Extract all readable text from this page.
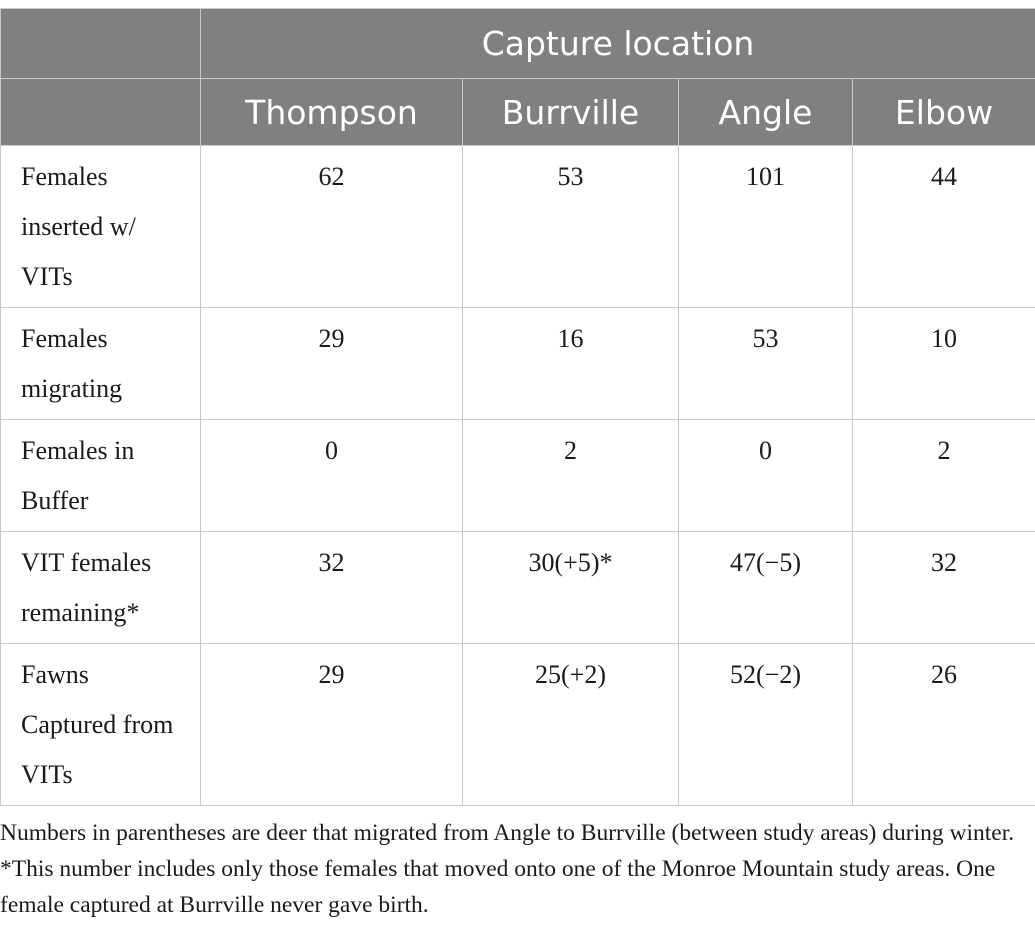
	Capture location			
	Thompson	Burrville	Angle	Elbow
Females inserted w/ VITs	62	53	101	44
Females migrating	29	16	53	10
Females in Buffer	0	2	0	2
VIT females remaining*	32	30(+5)*	47(−5)	32
Fawns Captured from VITs	29	25(+2)	52(−2)	26

Numbers in parentheses are deer that migrated from Angle to Burrville (between study areas) during winter. *This number includes only those females that moved onto one of the Monroe Mountain study areas. One female captured at Burrville never gave birth.
